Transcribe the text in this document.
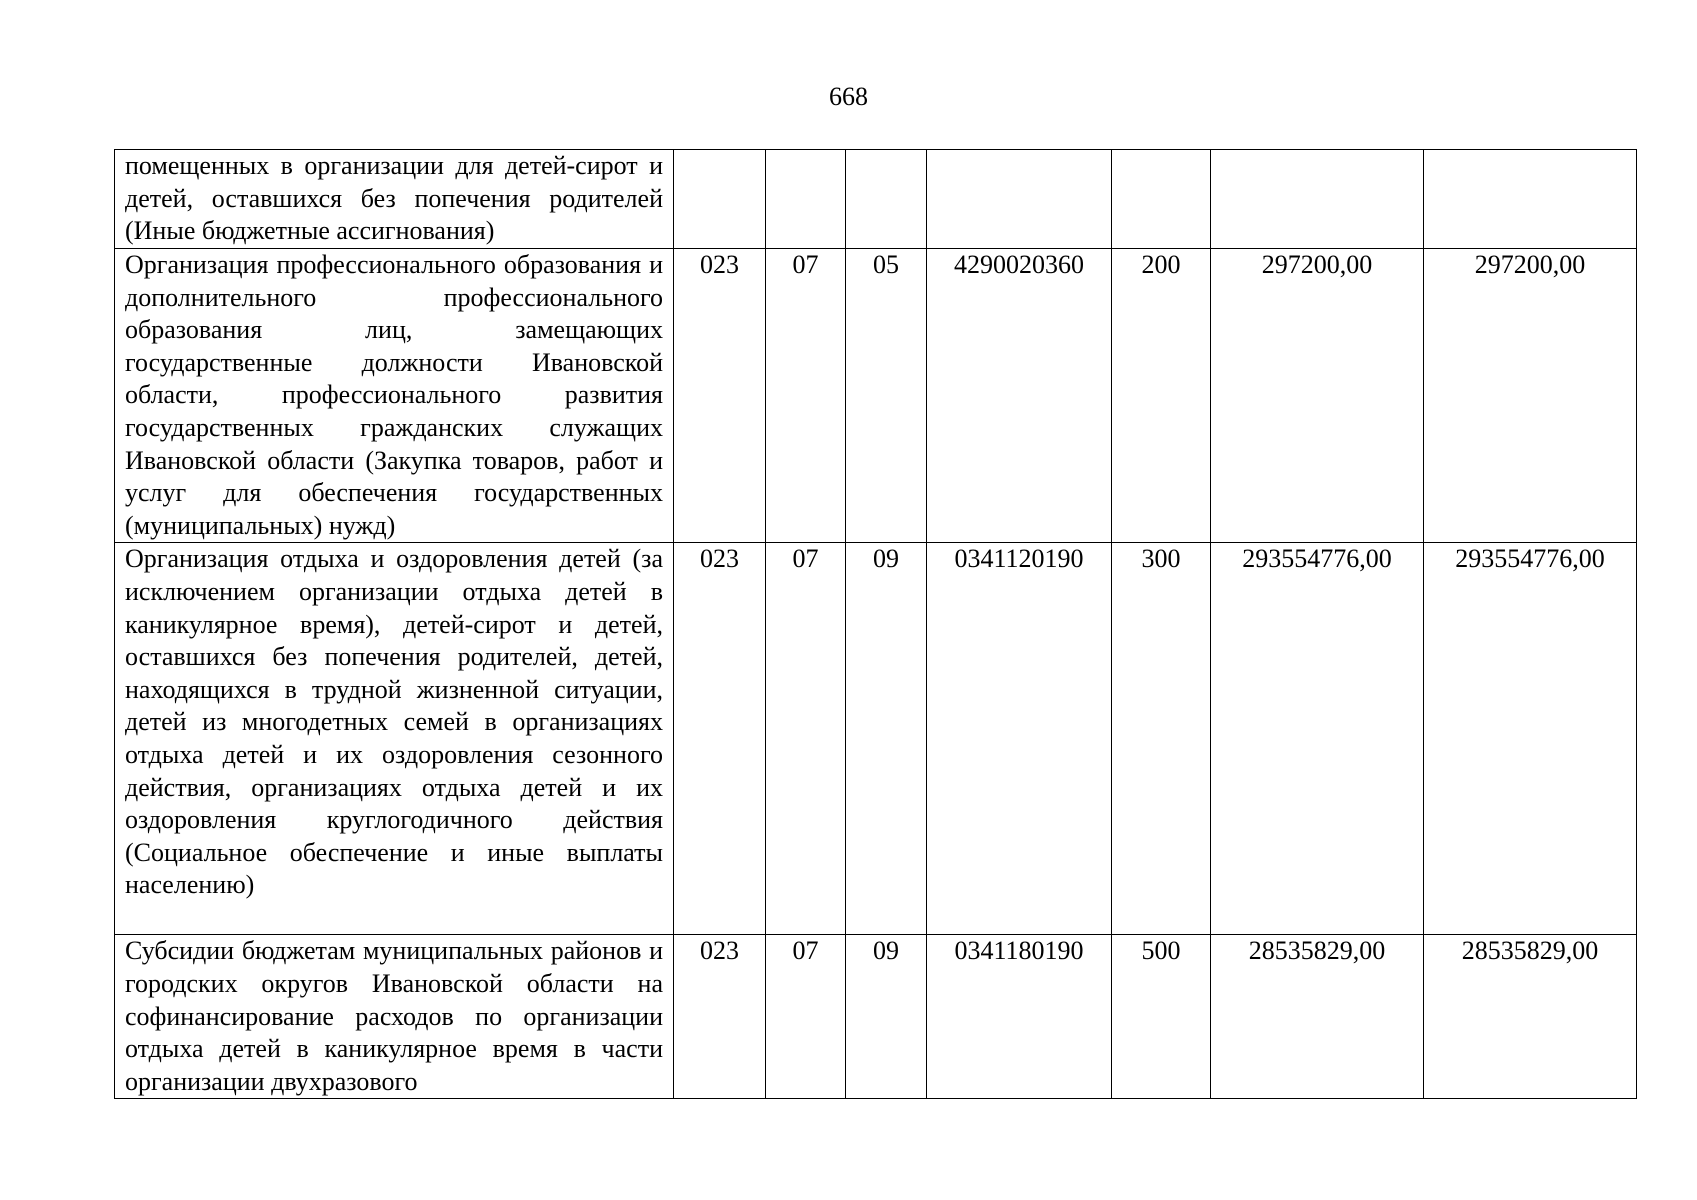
668
помещенных в организации для детей-сирот и детей, оставшихся без попечения родителей (Иные бюджетные ассигнования)							
Организация профессионального образования и дополнительного профессионального образования лиц, замещающих государственные должности Ивановской области, профессионального развития государственных гражданских служащих Ивановской области (Закупка товаров, работ и услуг для обеспечения государственных (муниципальных) нужд)	023	07	05	4290020360	200	297200,00	297200,00
Организация отдыха и оздоровления детей (за исключением организации отдыха детей в каникулярное время), детей-сирот и детей, оставшихся без попечения родителей, детей, находящихся в трудной жизненной ситуации, детей из многодетных семей в организациях отдыха детей и их оздоровления сезонного действия, организациях отдыха детей и их оздоровления круглогодичного действия (Социальное обеспечение и иные выплаты населению)	023	07	09	0341120190	300	293554776,00	293554776,00
Субсидии бюджетам муниципальных районов и городских округов Ивановской области на софинансирование расходов по организации отдыха детей в каникулярное время в части организации двухразового	023	07	09	0341180190	500	28535829,00	28535829,00
